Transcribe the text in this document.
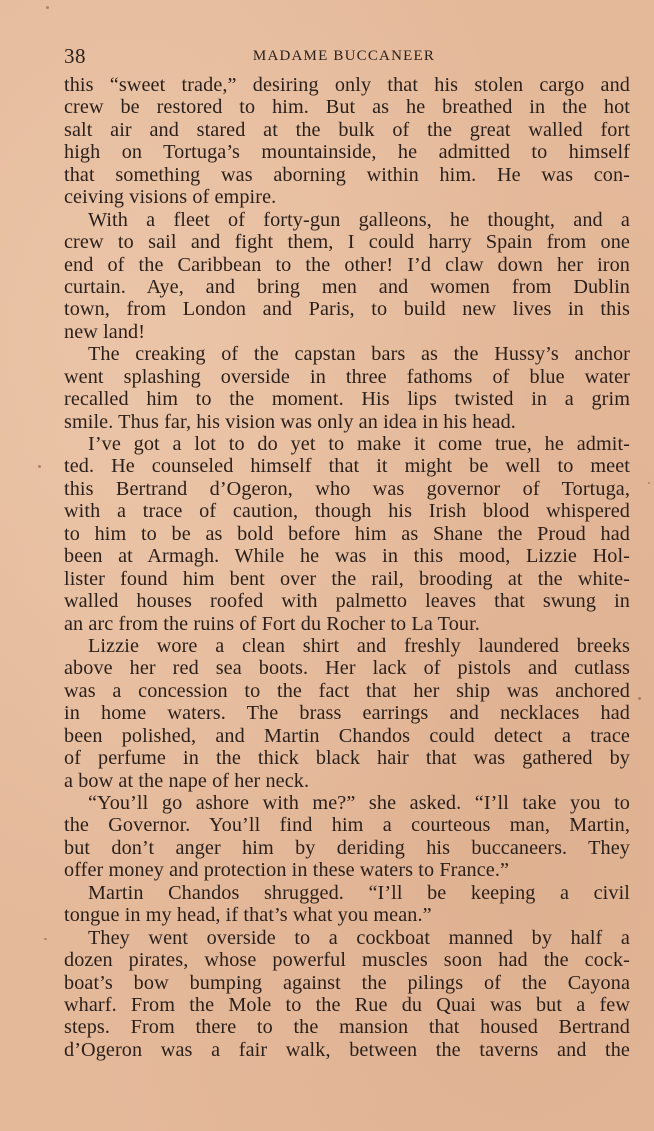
38	MADAME BUCCANEER
this “sweet trade,” desiring only that his stolen cargo and
crew be restored to him. But as he breathed in the hot
salt air and stared at the bulk of the great walled fort
high on Tortuga’s mountainside, he admitted to himself
that something was aborning within him. He was con-
ceiving visions of empire.
With a fleet of forty-gun galleons, he thought, and a
crew to sail and fight them, I could harry Spain from one
end of the Caribbean to the other! I’d claw down her iron
curtain. Aye, and bring men and women from Dublin
town, from London and Paris, to build new lives in this
new land!
The creaking of the capstan bars as the Hussy’s anchor
went splashing overside in three fathoms of blue water
recalled him to the moment. His lips twisted in a grim
smile. Thus far, his vision was only an idea in his head.
I’ve got a lot to do yet to make it come true, he admit-
ted. He counseled himself that it might be well to meet
this Bertrand d’Ogeron, who was governor of Tortuga,
with a trace of caution, though his Irish blood whispered
to him to be as bold before him as Shane the Proud had
been at Armagh. While he was in this mood, Lizzie Hol-
lister found him bent over the rail, brooding at the white-
walled houses roofed with palmetto leaves that swung in
an arc from the ruins of Fort du Rocher to La Tour.
Lizzie wore a clean shirt and freshly laundered breeks
above her red sea boots. Her lack of pistols and cutlass
was a concession to the fact that her ship was anchored
in home waters. The brass earrings and necklaces had
been polished, and Martin Chandos could detect a trace
of perfume in the thick black hair that was gathered by
a bow at the nape of her neck.
“You’ll go ashore with me?” she asked. “I’ll take you to
the Governor. You’ll find him a courteous man, Martin,
but don’t anger him by deriding his buccaneers. They
offer money and protection in these waters to France.”
Martin Chandos shrugged. “I’ll be keeping a civil
tongue in my head, if that’s what you mean.”
They went overside to a cockboat manned by half a
dozen pirates, whose powerful muscles soon had the cock-
boat’s bow bumping against the pilings of the Cayona
wharf. From the Mole to the Rue du Quai was but a few
steps. From there to the mansion that housed Bertrand
d’Ogeron was a fair walk, between the taverns and the
